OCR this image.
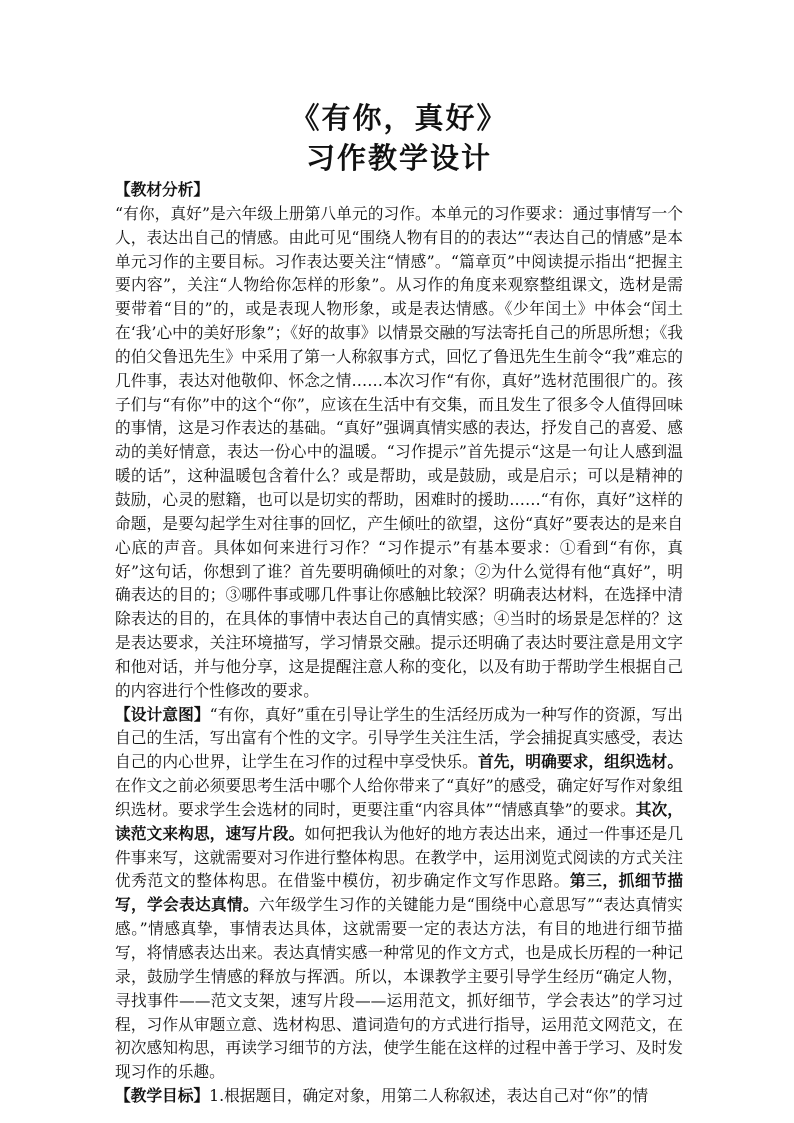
《有你，真好》
习作教学设计
【教材分析】

“有你，真好”是六年级上册第八单元的习作。本单元的习作要求：通过事情写一个人，表达出自己的情感。由此可见“围绕人物有目的的表达”“表达自己的情感”是本单元习作的主要目标。习作表达要关注“情感”。“篇章页”中阅读提示指出“把握主要内容”，关注“人物给你怎样的形象”。从习作的角度来观察整组课文，选材是需要带着“目的”的，或是表现人物形象，或是表达情感。《少年闰土》中体会“闰土在‘我’心中的美好形象”；《好的故事》以情景交融的写法寄托自己的所思所想；《我的伯父鲁迅先生》中采用了第一人称叙事方式，回忆了鲁迅先生生前令“我”难忘的几件事，表达对他敬仰、怀念之情……本次习作“有你，真好”选材范围很广的。孩子们与“有你”中的这个“你”，应该在生活中有交集，而且发生了很多令人值得回味的事情，这是习作表达的基础。“真好”强调真情实感的表达，抒发自己的喜爱、感动的美好情意，表达一份心中的温暖。“习作提示”首先提示“这是一句让人感到温暖的话”，这种温暖包含着什么？或是帮助，或是鼓励，或是启示；可以是精神的鼓励，心灵的慰籍，也可以是切实的帮助，困难时的援助……“有你，真好”这样的命题，是要勾起学生对往事的回忆，产生倾吐的欲望，这份“真好”要表达的是来自心底的声音。具体如何来进行习作？“习作提示”有基本要求：①看到“有你，真好”这句话，你想到了谁？首先要明确倾吐的对象；②为什么觉得有他“真好”，明确表达的目的；③哪件事或哪几件事让你感触比较深？明确表达材料，在选择中清除表达的目的，在具体的事情中表达自己的真情实感；④当时的场景是怎样的？这是表达要求，关注环境描写，学习情景交融。提示还明确了表达时要注意是用文字和他对话，并与他分享，这是提醒注意人称的变化，以及有助于帮助学生根据自己的内容进行个性修改的要求。

【设计意图】“有你，真好”重在引导让学生的生活经历成为一种写作的资源，写出自己的生活，写出富有个性的文字。引导学生关注生活，学会捕捉真实感受，表达自己的内心世界，让学生在习作的过程中享受快乐。首先，明确要求，组织选材。在作文之前必须要思考生活中哪个人给你带来了“真好”的感受，确定好写作对象组织选材。要求学生会选材的同时，更要注重“内容具体”“情感真挚”的要求。其次，读范文来构思，速写片段。如何把我认为他好的地方表达出来，通过一件事还是几件事来写，这就需要对习作进行整体构思。在教学中，运用浏览式阅读的方式关注优秀范文的整体构思。在借鉴中模仿，初步确定作文写作思路。第三，抓细节描写，学会表达真情。六年级学生习作的关键能力是“围绕中心意思写”“表达真情实感。”情感真挚，事情表达具体，这就需要一定的表达方法，有目的地进行细节描写，将情感表达出来。表达真情实感一种常见的作文方式，也是成长历程的一种记录，鼓励学生情感的释放与挥洒。所以，本课教学主要引导学生经历“确定人物，寻找事件——范文支架，速写片段——运用范文，抓好细节，学会表达”的学习过程，习作从审题立意、选材构思、遣词造句的方式进行指导，运用范文网范文，在初次感知构思，再读学习细节的方法，使学生能在这样的过程中善于学习、及时发现习作的乐趣。

【教学目标】1.根据题目，确定对象，用第二人称叙述，表达自己对“你”的情
